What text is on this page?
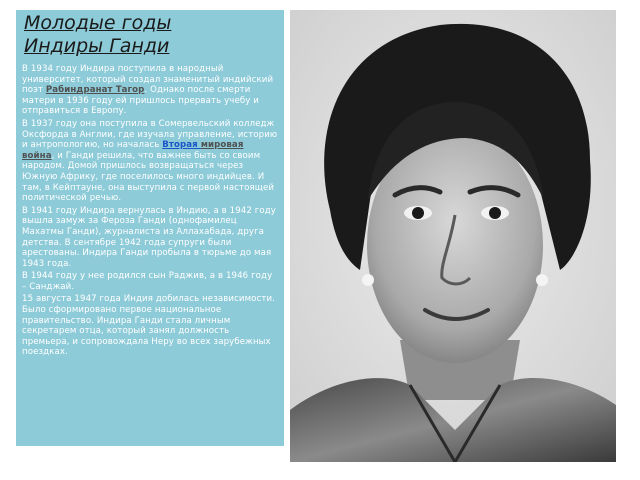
Молодые годы
Индиры Ганди

В 1934 году Индира поступила в народный университет, который создал знаменитый индийский поэт Рабиндранат Тагор. Однако после смерти матери в 1936 году ей пришлось прервать учебу и отправиться в Европу.

В 1937 году она поступила в Сомервельский колледж Оксфорда в Англии, где изучала управление, историю и антропологию, но началась Вторая мировая война, и Ганди решила, что важнее быть со своим народом. Домой пришлось возвращаться через Южную Африку, где поселилось много индийцев. И там, в Кейптауне, она выступила с первой настоящей политической речью.

В 1941 году Индира вернулась в Индию, а в 1942 году вышла замуж за Фероза Ганди (однофамилец Махатмы Ганди), журналиста из Аллахабада, друга детства. В сентябре 1942 года супруги были арестованы. Индира Ганди пробыла в тюрьме до мая 1943 года.

В 1944 году у нее родился сын Раджив, а в 1946 году – Санджай.

15 августа 1947 года Индия добилась независимости. Было сформировано первое национальное правительство. Индира Ганди стала личным секретарем отца, который занял должность премьера, и сопровождала Неру во всех зарубежных поездках.
